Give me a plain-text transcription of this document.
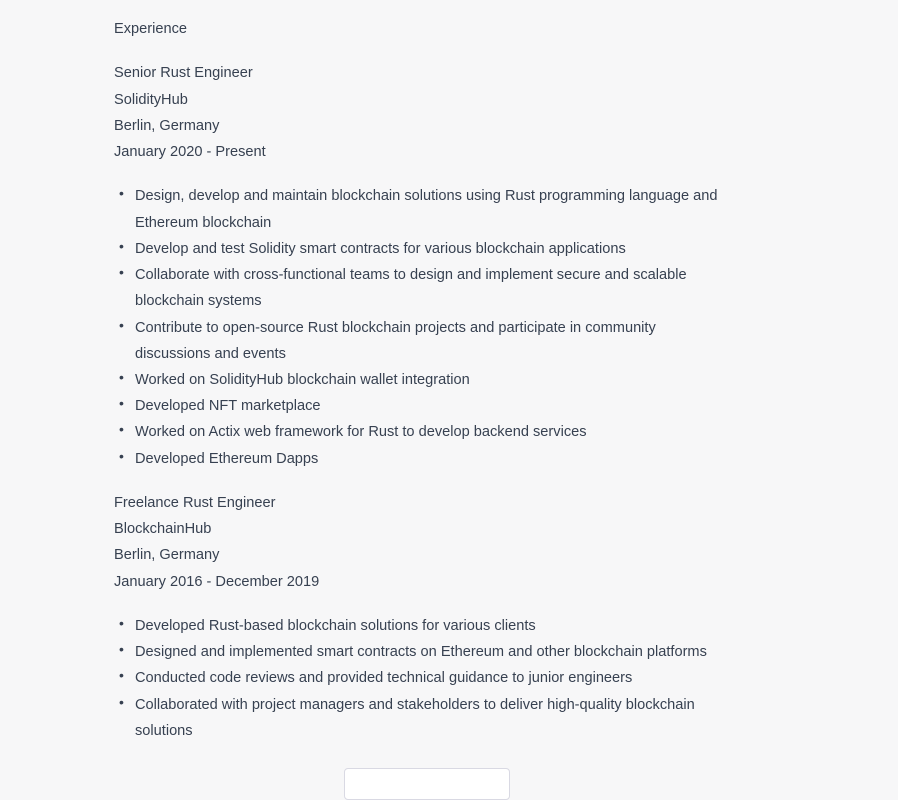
Experience

Senior Rust Engineer

SolidityHub

Berlin, Germany

January 2020 - Present

• Design, develop and maintain blockchain solutions using Rust programming language and Ethereum blockchain
• Develop and test Solidity smart contracts for various blockchain applications
• Collaborate with cross-functional teams to design and implement secure and scalable blockchain systems
• Contribute to open-source Rust blockchain projects and participate in community discussions and events
• Worked on SolidityHub blockchain wallet integration
• Developed NFT marketplace
• Worked on Actix web framework for Rust to develop backend services
• Developed Ethereum Dapps

Freelance Rust Engineer

BlockchainHub

Berlin, Germany

January 2016 - December 2019

• Developed Rust-based blockchain solutions for various clients
• Designed and implemented smart contracts on Ethereum and other blockchain platforms
• Conducted code reviews and provided technical guidance to junior engineers
• Collaborated with project managers and stakeholders to deliver high-quality blockchain solutions
